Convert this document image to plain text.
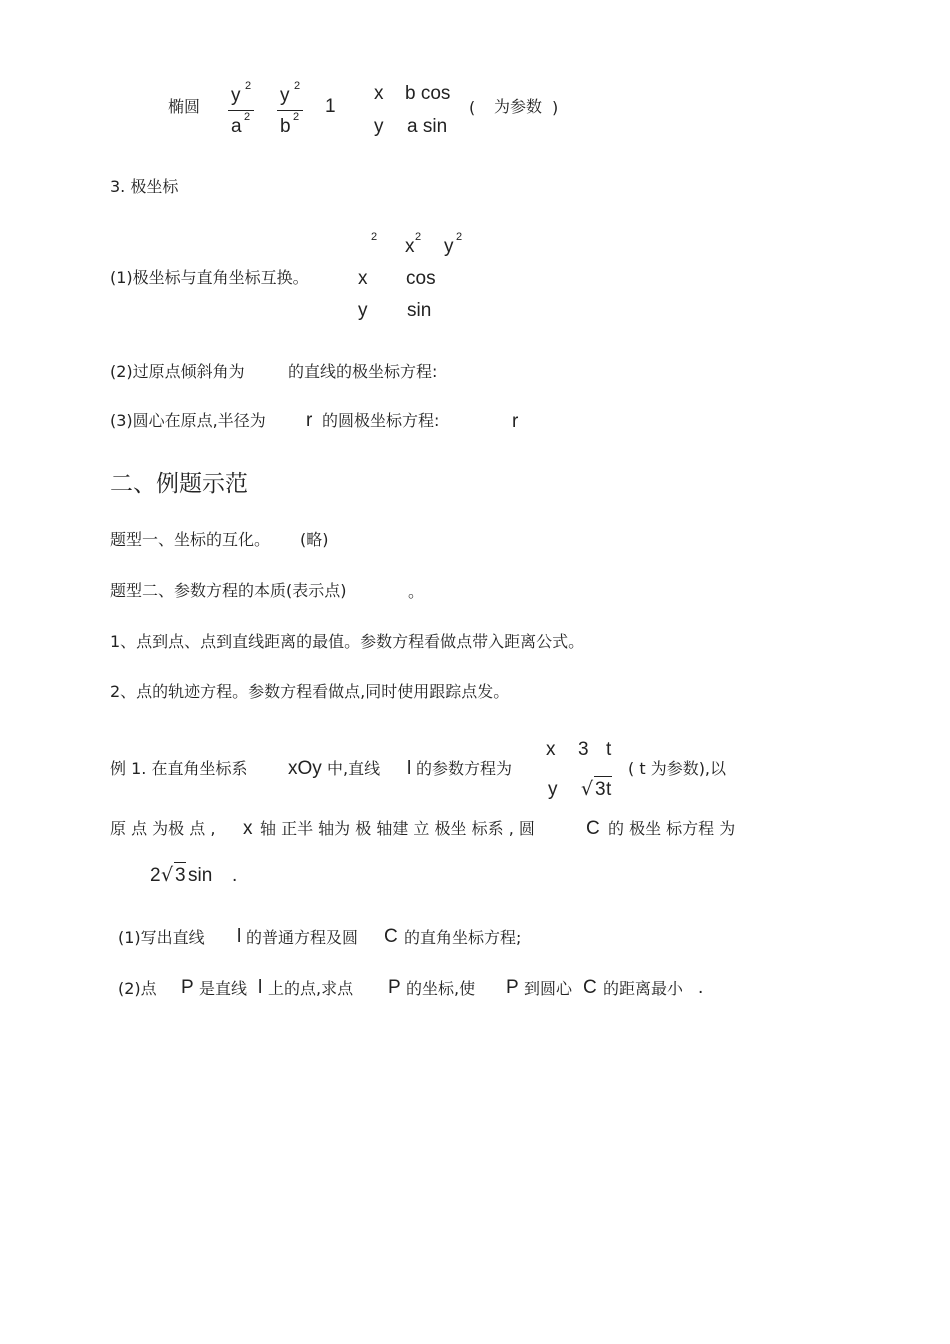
椭圆
y 2
a 2
y 2
b 2 1
x b cos
y a sin
( 为参数 )
3. 极坐标
2 x 2 y 2
(1)极坐标与直角坐标互换。	x cos
y sin
(2)过原点倾斜角为	的直线的极坐标方程:
(3)圆心在原点,半径为 r 的圆极坐标方程:	r
二、例题示范
题型一、坐标的互化。 (略)
题型二、参数方程的本质(表示点)	。
1、点到点、点到直线距离的最值。参数方程看做点带入距离公式。
2、点的轨迹方程。参数方程看做点,同时使用跟踪点发。
例 1. 在直角坐标系 xOy 中,直线 l 的参数方程为
x 3 t
y √ 3 t
( t 为参数),以
原 点 为极 点 , x 轴 正半 轴为 极 轴建 立 极坐 标系 , 圆	C 的 极坐 标方程 为
2 √ 3 sin .
(1)写出直线 l 的普通方程及圆 C 的直角坐标方程;
(2)点 P 是直线 l 上的点,求点 P 的坐标,使 P 到圆心 C 的距离最小 .
